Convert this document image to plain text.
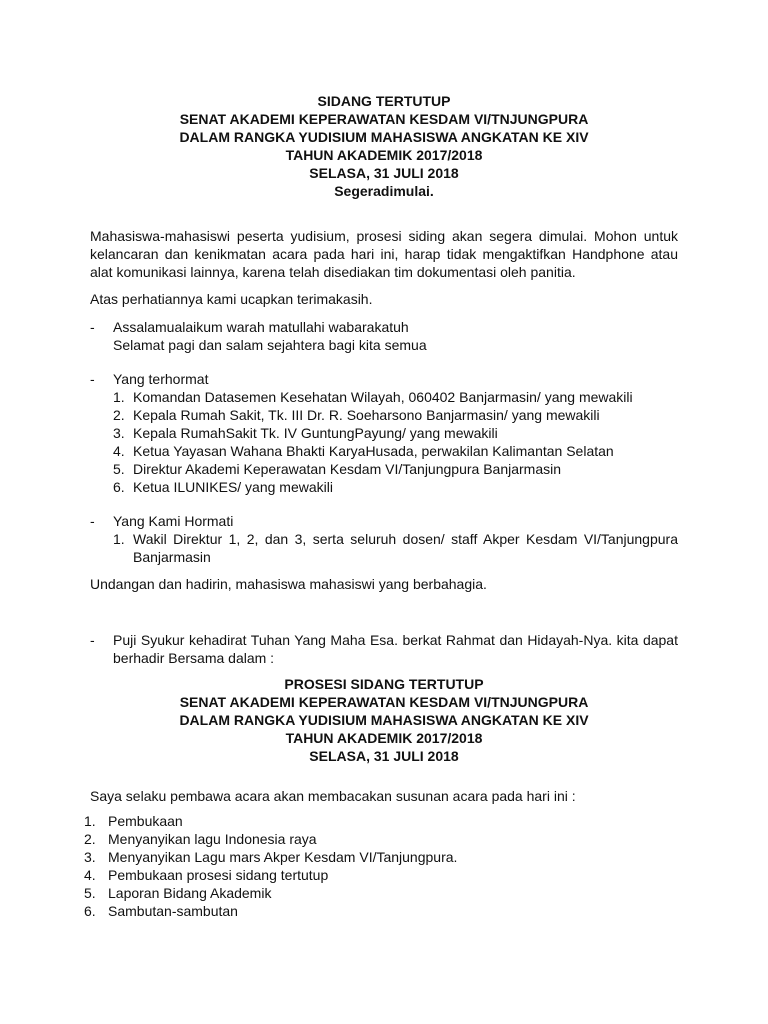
SIDANG TERTUTUP
SENAT AKADEMI KEPERAWATAN KESDAM VI/TNJUNGPURA
DALAM RANGKA YUDISIUM MAHASISWA ANGKATAN KE XIV
TAHUN AKADEMIK 2017/2018
SELASA, 31 JULI 2018
Segeradimulai.

Mahasiswa-mahasiswi peserta yudisium, prosesi siding akan segera dimulai. Mohon untuk kelancaran dan kenikmatan acara pada hari ini, harap tidak mengaktifkan Handphone atau alat komunikasi lainnya, karena telah disediakan tim dokumentasi oleh panitia.

Atas perhatiannya kami ucapkan terimakasih.

- Assalamualaikum warah matullahi wabarakatuh
Selamat pagi dan salam sejahtera bagi kita semua
- Yang terhormat
1. Komandan Datasemen Kesehatan Wilayah, 060402 Banjarmasin/ yang mewakili
2. Kepala Rumah Sakit, Tk. III Dr. R. Soeharsono Banjarmasin/ yang mewakili
3. Kepala RumahSakit Tk. IV GuntungPayung/ yang mewakili
4. Ketua Yayasan Wahana Bhakti KaryaHusada, perwakilan Kalimantan Selatan
5. Direktur Akademi Keperawatan Kesdam VI/Tanjungpura Banjarmasin
6. Ketua ILUNIKES/ yang mewakili
- Yang Kami Hormati
1. Wakil Direktur 1, 2, dan 3, serta seluruh dosen/ staff Akper Kesdam VI/Tanjungpura Banjarmasin

Undangan dan hadirin, mahasiswa mahasiswi yang berbahagia.

- Puji Syukur kehadirat Tuhan Yang Maha Esa. berkat Rahmat dan Hidayah-Nya. kita dapat berhadir Bersama dalam :

PROSESI SIDANG TERTUTUP
SENAT AKADEMI KEPERAWATAN KESDAM VI/TNJUNGPURA
DALAM RANGKA YUDISIUM MAHASISWA ANGKATAN KE XIV
TAHUN AKADEMIK 2017/2018
SELASA, 31 JULI 2018

Saya selaku pembawa acara akan membacakan susunan acara pada hari ini :

1. Pembukaan
2. Menyanyikan lagu Indonesia raya
3. Menyanyikan Lagu mars Akper Kesdam VI/Tanjungpura.
4. Pembukaan prosesi sidang tertutup
5. Laporan Bidang Akademik
6. Sambutan-sambutan
